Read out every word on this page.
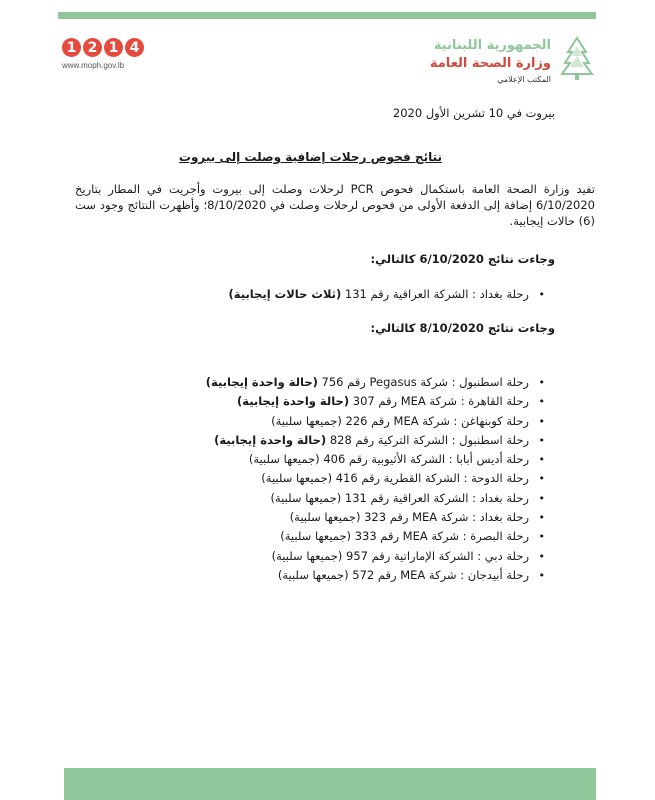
1 2 1 4
www.moph.gov.lb
الجمهورية اللبنانية
وزارة الصحة العامة
المكتب الإعلامي
بيروت في 10 تشرين الأول 2020
نتائج فحوص رحلات إضافية وصلت إلى بيروت
تفيد وزارة الصحة العامة باستكمال فحوص PCR لرحلات وصلت إلى بيروت وأجريت في المطار بتاريخ 6/10/2020 إضافة إلى الدفعة الأولى من فحوص لرحلات وصلت في 8/10/2020؛ وأظهرت النتائج وجود ست (6) حالات إيجابية.
وجاءت نتائج 6/10/2020 كالتالي:
• رحلة بغداد : الشركة العراقية رقم 131 (ثلاث حالات إيجابية)
وجاءت نتائج 8/10/2020 كالتالي:
• رحلة اسطنبول : شركة Pegasus رقم 756 (حالة واحدة إيجابية)
• رحلة القاهرة : شركة MEA رقم 307 (حالة واحدة إيجابية)
• رحلة كوبنهاغن : شركة MEA رقم 226 (جميعها سلبية)
• رحلة اسطنبول : الشركة التركية رقم 828 (حالة واحدة إيجابية)
• رحلة أديس أبابا : الشركة الأثيوبية رقم 406 (جميعها سلبية)
• رحلة الدوحة : الشركة القطرية رقم 416 (جميعها سلبية)
• رحلة بغداد : الشركة العراقية رقم 131 (جميعها سلبية)
• رحلة بغداد : شركة MEA رقم 323 (جميعها سلبية)
• رحلة البصرة : شركة MEA رقم 333 (جميعها سلبية)
• رحلة دبي : الشركة الإماراتية رقم 957 (جميعها سلبية)
• رحلة أبيدجان : شركة MEA رقم 572 (جميعها سلبية)
